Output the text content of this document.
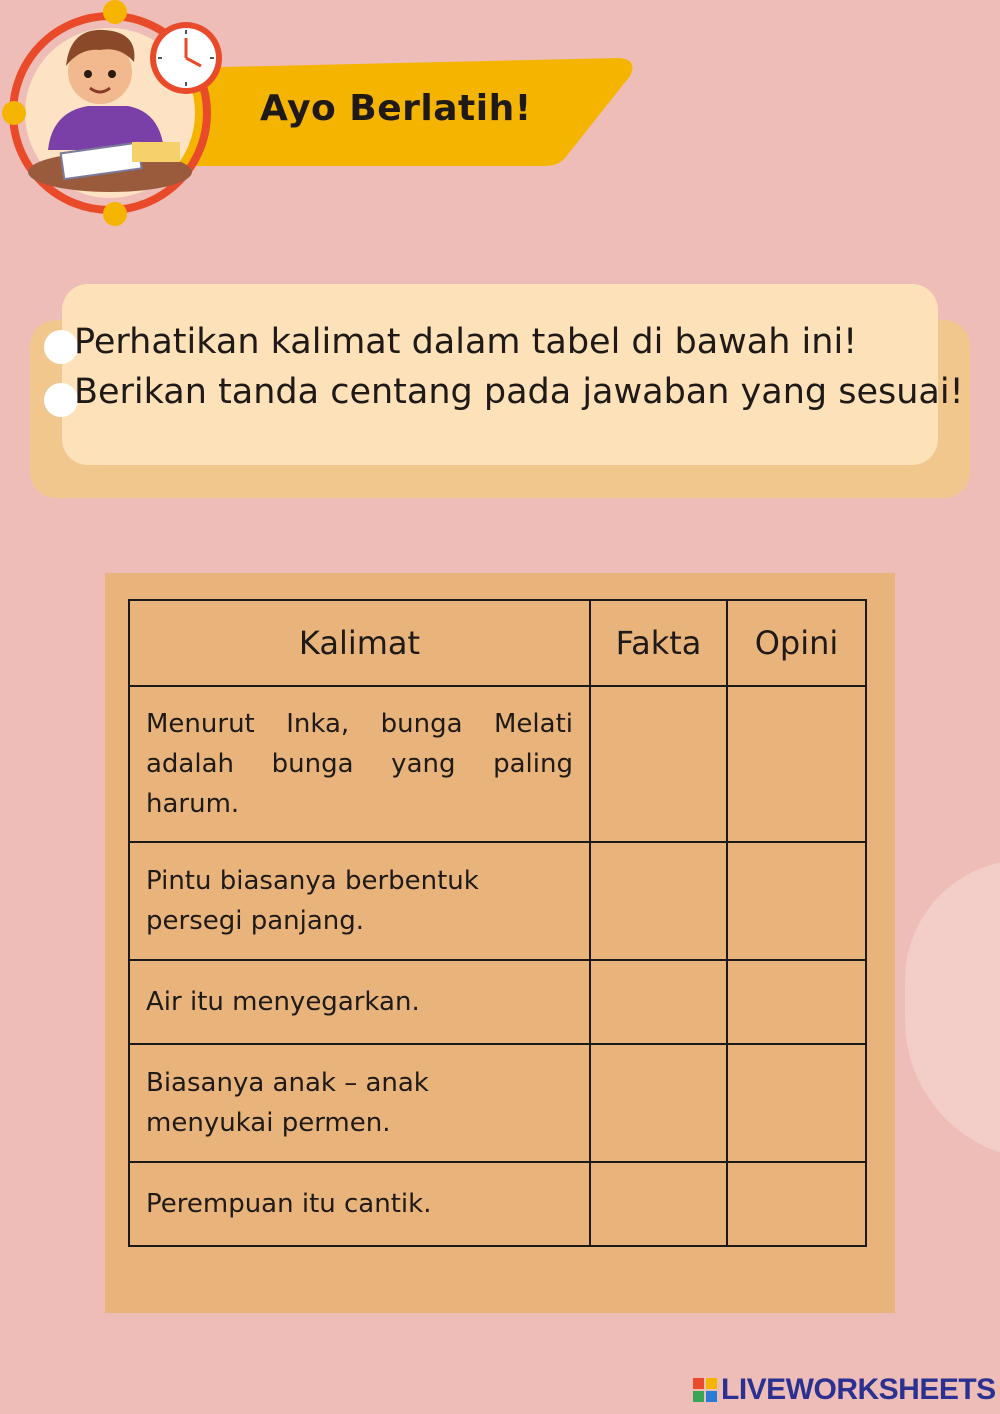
Ayo Berlatih!
Perhatikan kalimat dalam tabel di bawah ini!
Berikan tanda centang pada jawaban yang sesuai!
Kalimat	Fakta	Opini
Menurut Inka, bunga Melati adalah bunga yang paling harum.		
Pintu biasanya berbentuk persegi panjang.		
Air itu menyegarkan.		
Biasanya anak – anak menyukai permen.		
Perempuan itu cantik.		
LIVEWORKSHEETS
